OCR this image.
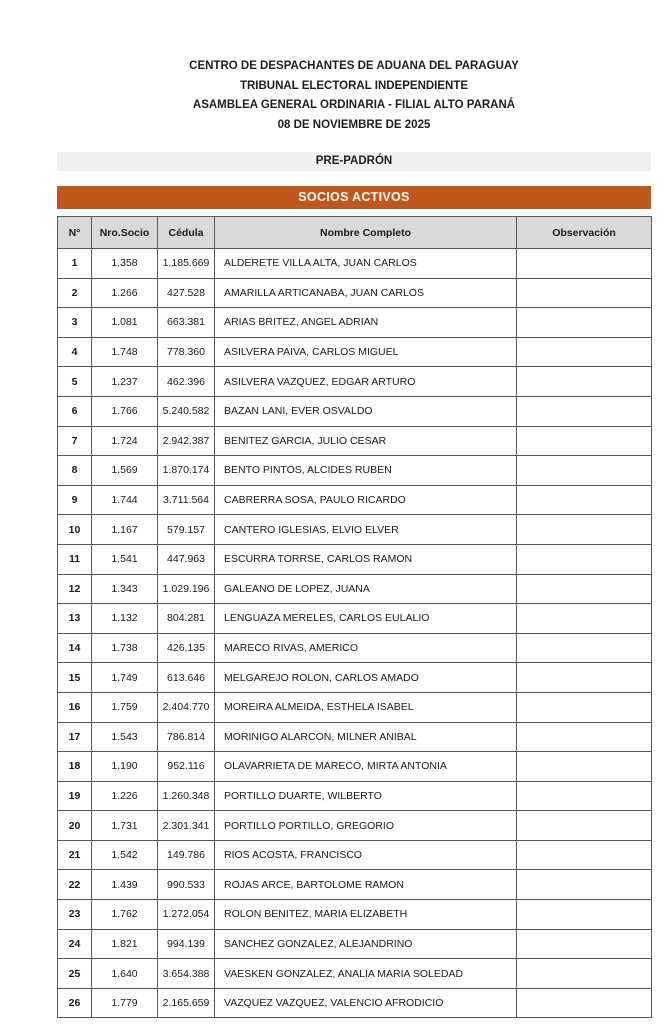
CENTRO DE DESPACHANTES DE ADUANA DEL PARAGUAY
TRIBUNAL ELECTORAL INDEPENDIENTE
ASAMBLEA GENERAL ORDINARIA - FILIAL ALTO PARANÁ
08 DE NOVIEMBRE DE 2025
PRE-PADRÓN
SOCIOS ACTIVOS
N°	Nro.Socio	Cédula	Nombre Completo	Observación
1	1.358	1.185.669	ALDERETE VILLA ALTA, JUAN CARLOS	
2	1.266	427.528	AMARILLA ARTICANABA, JUAN CARLOS	
3	1.081	663.381	ARIAS BRITEZ, ANGEL ADRIAN	
4	1.748	778.360	ASILVERA PAIVA, CARLOS MIGUEL	
5	1.237	462.396	ASILVERA VAZQUEZ, EDGAR ARTURO	
6	1.766	5.240.582	BAZAN LANI, EVER OSVALDO	
7	1.724	2.942.387	BENITEZ GARCIA, JULIO CESAR	
8	1.569	1.870.174	BENTO PINTOS, ALCIDES RUBEN	
9	1.744	3.711.564	CABRERRA SOSA, PAULO RICARDO	
10	1.167	579.157	CANTERO IGLESIAS, ELVIO ELVER	
11	1.541	447.963	ESCURRA TORRSE, CARLOS RAMON	
12	1.343	1.029.196	GALEANO DE LOPEZ, JUANA	
13	1.132	804.281	LENGUAZA MERELES, CARLOS EULALIO	
14	1.738	426.135	MARECO RIVAS, AMERICO	
15	1.749	613.646	MELGAREJO ROLON, CARLOS AMADO	
16	1.759	2.404.770	MOREIRA ALMEIDA, ESTHELA ISABEL	
17	1.543	786.814	MORINIGO ALARCON, MILNER ANIBAL	
18	1.190	952.116	OLAVARRIETA DE MARECO, MIRTA ANTONIA	
19	1.226	1.260.348	PORTILLO DUARTE, WILBERTO	
20	1.731	2.301.341	PORTILLO PORTILLO, GREGORIO	
21	1.542	149.786	RIOS ACOSTA, FRANCISCO	
22	1.439	990.533	ROJAS ARCE, BARTOLOME RAMON	
23	1.762	1.272.054	ROLON BENITEZ, MARIA ELIZABETH	
24	1.821	994.139	SANCHEZ GONZALEZ, ALEJANDRINO	
25	1.640	3.654.388	VAESKEN GONZALEZ, ANALIA MARIA SOLEDAD	
26	1.779	2.165.659	VAZQUEZ VAZQUEZ, VALENCIO AFRODICIO	
